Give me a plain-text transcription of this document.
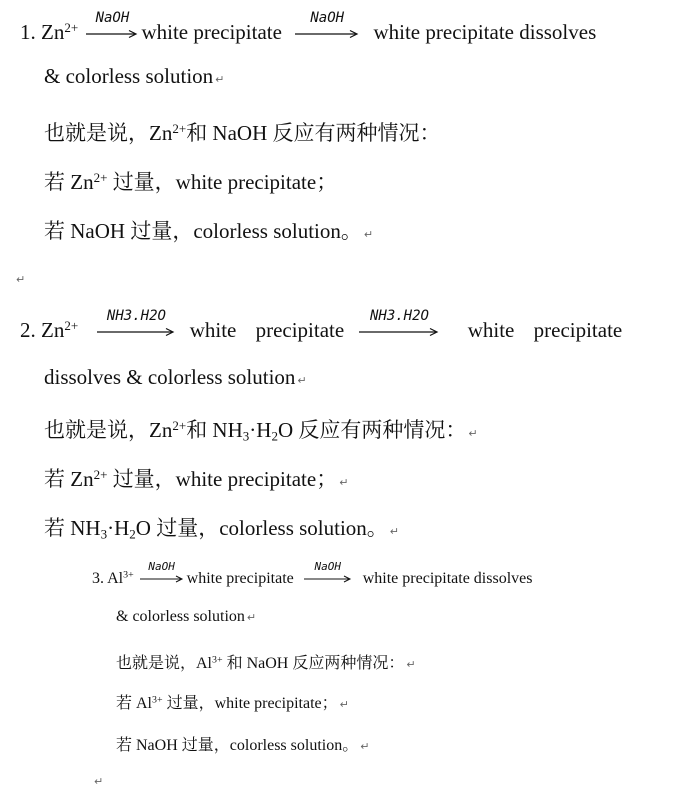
1. $Zn^{2+}$
NaOH
white precipitate
NaOH
white precipitate dissolves
& colorless solution ↵
也就是说，$Zn^{2+}$和 NaOH 反应有两种情况：
若 $Zn^{2+}$ 过量，white precipitate；
若 NaOH 过量，colorless solution。 ↵
↵
2. $Zn^{2+}$
NH3.H2O
white precipitate
NH3.H2O
white precipitate
dissolves & colorless solution ↵
也就是说，$Zn^{2+}$和 $NH_3\cdot H_2O$ 反应有两种情况： ↵
若 $Zn^{2+}$ 过量，white precipitate； ↵
若 $NH_3\cdot H_2O$ 过量，colorless solution。 ↵
3. $Al^{3+}$
NaOH
white precipitate
NaOH
white precipitate dissolves
& colorless solution ↵
也就是说，$Al^{3+}$ 和 NaOH 反应两种情况： ↵
若 $Al^{3+}$ 过量，white precipitate； ↵
若 NaOH 过量，colorless solution。 ↵
↵
